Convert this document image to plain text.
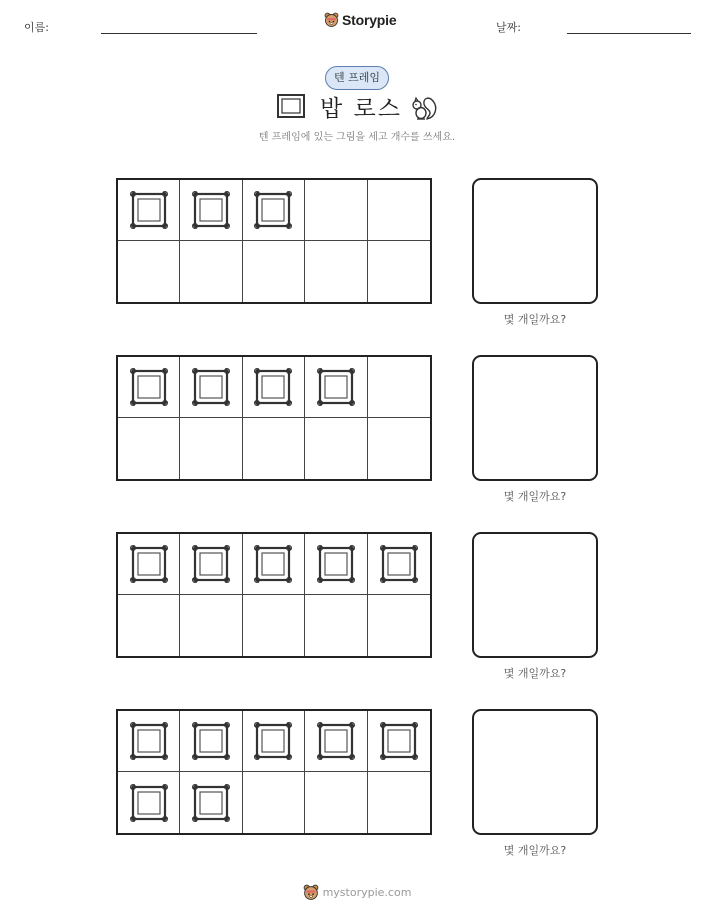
이름:	Storypie	날짜:
텐 프레임
밥 로스
텐 프레임에 있는 그림을 세고 개수를 쓰세요.
몇 개일까요?
몇 개일까요?
몇 개일까요?
몇 개일까요?
mystorypie.com
